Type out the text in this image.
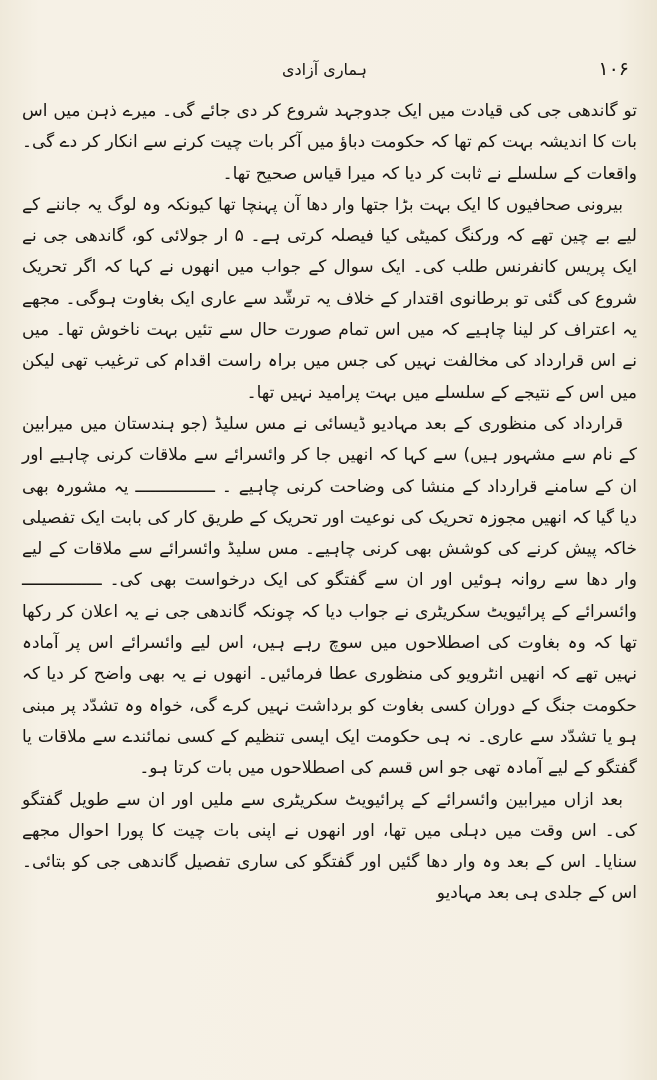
ہماری آزادی	۱۰۶

تو گاندھی جی کی قیادت میں ایک جدوجہد شروع کر دی جائے گی۔ میرے ذہن میں اس بات کا اندیشہ بہت کم تھا کہ حکومت دباؤ میں آکر بات چیت کرنے سے انکار کر دے گی۔ واقعات کے سلسلے نے ثابت کر دیا کہ میرا قیاس صحیح تھا۔

بیرونی صحافیوں کا ایک بہت بڑا جتھا وار دھا آن پہنچا تھا کیونکہ وہ لوگ یہ جاننے کے لیے بے چین تھے کہ ورکنگ کمیٹی کیا فیصلہ کرتی ہے۔ ۵ ار جولائی کو، گاندھی جی نے ایک پریس کانفرنس طلب کی۔ ایک سوال کے جواب میں انھوں نے کہا کہ اگر تحریک شروع کی گئی تو برطانوی اقتدار کے خلاف یہ ترشّد سے عاری ایک بغاوت ہوگی۔ مجھے یہ اعتراف کر لینا چاہیے کہ میں اس تمام صورت حال سے تئیں بہت ناخوش تھا۔ میں نے اس قرارداد کی مخالفت نہیں کی جس میں براہ راست اقدام کی ترغیب تھی لیکن میں اس کے نتیجے کے سلسلے میں بہت پرامید نہیں تھا۔

قرارداد کی منظوری کے بعد مہادیو ڈیسائی نے مس سلیڈ (جو ہندستان میں میرابین کے نام سے مشہور ہیں) سے کہا کہ انھیں جا کر وائسرائے سے ملاقات کرنی چاہیے اور ان کے سامنے قرارداد کے منشا کی وضاحت کرنی چاہیے ۔ ــــــــــــــــ یہ مشورہ بھی دیا گیا کہ انھیں مجوزہ تحریک کی نوعیت اور تحریک کے طریق کار کی بابت ایک تفصیلی خاکہ پیش کرنے کی کوشش بھی کرنی چاہیے۔ مس سلیڈ وائسرائے سے ملاقات کے لیے وار دھا سے روانہ ہوئیں اور ان سے گفتگو کی ایک درخواست بھی کی۔ ــــــــــــــــ وائسرائے کے پرائیویٹ سکریٹری نے جواب دیا کہ چونکہ گاندھی جی نے یہ اعلان کر رکھا تھا کہ وہ بغاوت کی اصطلاحوں میں سوچ رہے ہیں، اس لیے وائسرائے اس پر آمادہ نہیں تھے کہ انھیں انٹرویو کی منظوری عطا فرمائیں۔ انھوں نے یہ بھی واضح کر دیا کہ حکومت جنگ کے دوران کسی بغاوت کو برداشت نہیں کرے گی، خواہ وہ تشدّد پر مبنی ہو یا تشدّد سے عاری۔ نہ ہی حکومت ایک ایسی تنظیم کے کسی نمائندے سے ملاقات یا گفتگو کے لیے آمادہ تھی جو اس قسم کی اصطلاحوں میں بات کرتا ہو۔

بعد ازاں میرابین وائسرائے کے پرائیویٹ سکریٹری سے ملیں اور ان سے طویل گفتگو کی۔ اس وقت میں دہلی میں تھا، اور انھوں نے اپنی بات چیت کا پورا احوال مجھے سنایا۔ اس کے بعد وہ وار دھا گئیں اور گفتگو کی ساری تفصیل گاندھی جی کو بتائی۔ اس کے جلدی ہی بعد مہادیو
